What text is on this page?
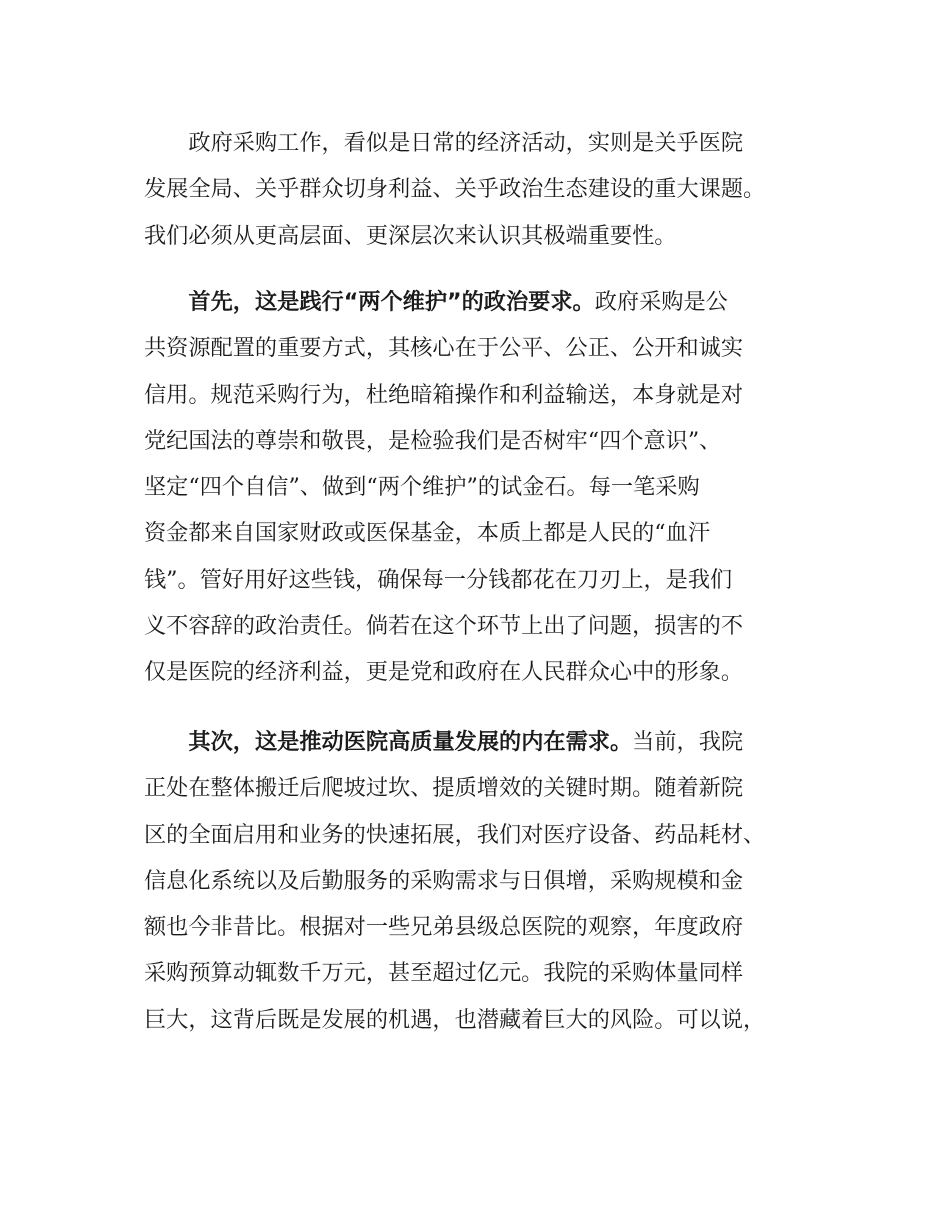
政府采购工作，看似是日常的经济活动，实则是关乎医院
发展全局、关乎群众切身利益、关乎政治生态建设的重大课题。
我们必须从更高层面、更深层次来认识其极端重要性。
首先，这是践行“两个维护”的政治要求。政府采购是公
共资源配置的重要方式，其核心在于公平、公正、公开和诚实
信用。规范采购行为，杜绝暗箱操作和利益输送，本身就是对
党纪国法的尊崇和敬畏，是检验我们是否树牢“四个意识”、
坚定“四个自信”、做到“两个维护”的试金石。每一笔采购
资金都来自国家财政或医保基金，本质上都是人民的“血汗
钱”。管好用好这些钱，确保每一分钱都花在刀刃上，是我们
义不容辞的政治责任。倘若在这个环节上出了问题，损害的不
仅是医院的经济利益，更是党和政府在人民群众心中的形象。
其次，这是推动医院高质量发展的内在需求。当前，我院
正处在整体搬迁后爬坡过坎、提质增效的关键时期。随着新院
区的全面启用和业务的快速拓展，我们对医疗设备、药品耗材、
信息化系统以及后勤服务的采购需求与日俱增，采购规模和金
额也今非昔比。根据对一些兄弟县级总医院的观察，年度政府
采购预算动辄数千万元，甚至超过亿元。我院的采购体量同样
巨大，这背后既是发展的机遇，也潜藏着巨大的风险。可以说，
